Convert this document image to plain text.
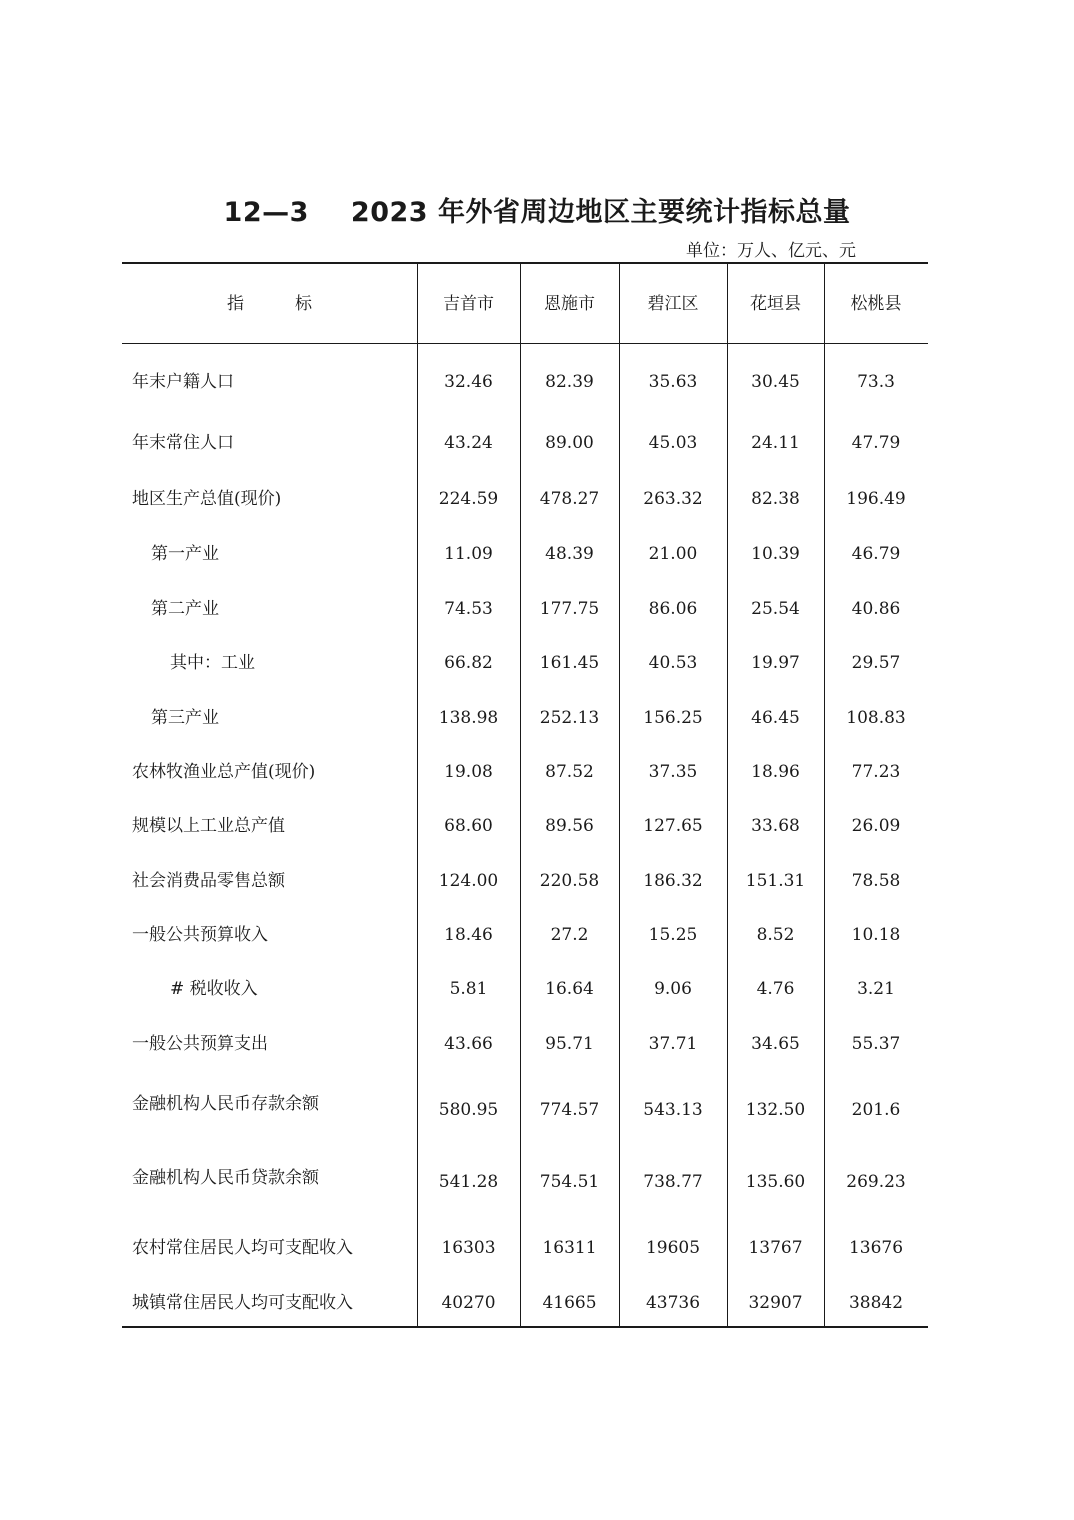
12—3 2023 年外省周边地区主要统计指标总量
单位：万人、亿元、元
指　　　标	吉首市	恩施市	碧江区	花垣县	松桃县
年末户籍人口	32.46	82.39	35.63	30.45	73.3
年末常住人口	43.24	89.00	45.03	24.11	47.79
地区生产总值(现价)	224.59	478.27	263.32	82.38	196.49
第一产业	11.09	48.39	21.00	10.39	46.79
第二产业	74.53	177.75	86.06	25.54	40.86
其中：工业	66.82	161.45	40.53	19.97	29.57
第三产业	138.98	252.13	156.25	46.45	108.83
农林牧渔业总产值(现价)	19.08	87.52	37.35	18.96	77.23
规模以上工业总产值	68.60	89.56	127.65	33.68	26.09
社会消费品零售总额	124.00	220.58	186.32	151.31	78.58
一般公共预算收入	18.46	27.2	15.25	8.52	10.18
# 税收收入	5.81	16.64	9.06	4.76	3.21
一般公共预算支出	43.66	95.71	37.71	34.65	55.37
金融机构人民币存款余额	580.95	774.57	543.13	132.50	201.6
金融机构人民币贷款余额	541.28	754.51	738.77	135.60	269.23
农村常住居民人均可支配收入	16303	16311	19605	13767	13676
城镇常住居民人均可支配收入	40270	41665	43736	32907	38842
